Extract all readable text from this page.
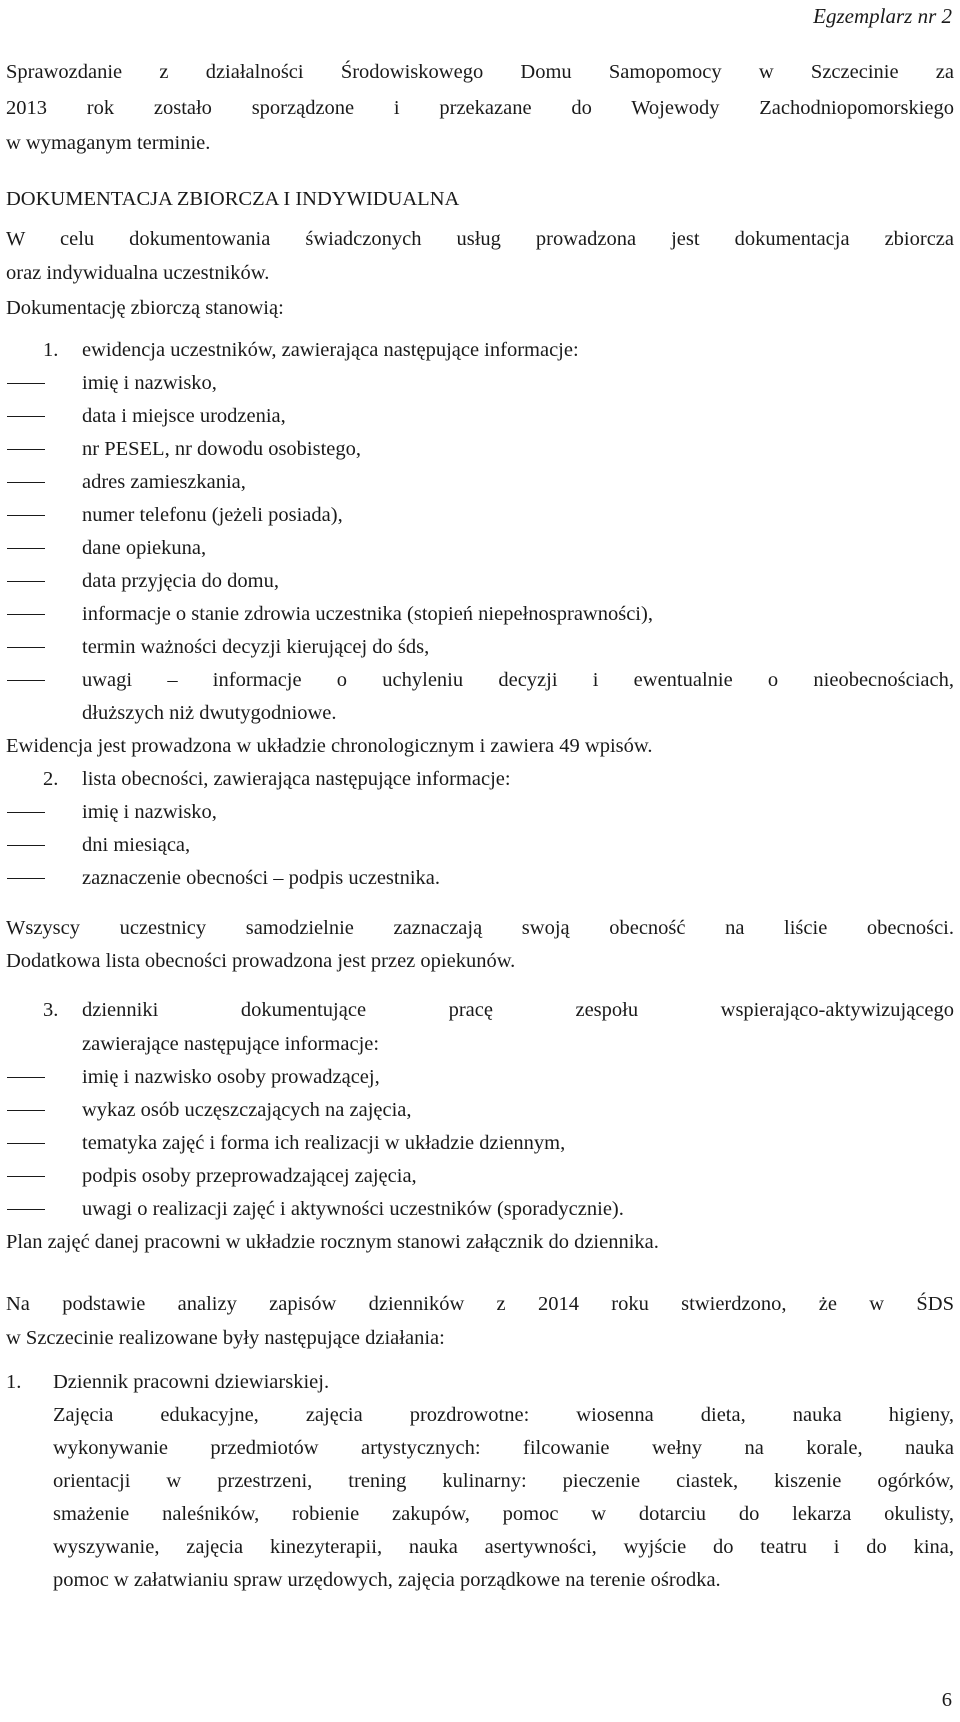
Egzemplarz nr 2
Sprawozdanie z działalności Środowiskowego Domu Samopomocy w Szczecinie za
2013 rok zostało sporządzone i przekazane do Wojewody Zachodniopomorskiego
w wymaganym terminie.
DOKUMENTACJA ZBIORCZA I INDYWIDUALNA
W celu dokumentowania świadczonych usług prowadzona jest dokumentacja zbiorcza
oraz indywidualna uczestników.
Dokumentację zbiorczą stanowią:
1. ewidencja uczestników, zawierająca następujące informacje:
imię i nazwisko,
data i miejsce urodzenia,
nr PESEL, nr dowodu osobistego,
adres zamieszkania,
numer telefonu (jeżeli posiada),
dane opiekuna,
data przyjęcia do domu,
informacje o stanie zdrowia uczestnika (stopień niepełnosprawności),
termin ważności decyzji kierującej do śds,
uwagi – informacje o uchyleniu decyzji i ewentualnie o nieobecnościach,
dłuższych niż dwutygodniowe.
Ewidencja jest prowadzona w układzie chronologicznym i zawiera 49 wpisów.
2. lista obecności, zawierająca następujące informacje:
imię i nazwisko,
dni miesiąca,
zaznaczenie obecności – podpis uczestnika.
Wszyscy uczestnicy samodzielnie zaznaczają swoją obecność na liście obecności.
Dodatkowa lista obecności prowadzona jest przez opiekunów.
3. dzienniki dokumentujące pracę zespołu wspierająco-aktywizującego
zawierające następujące informacje:
imię i nazwisko osoby prowadzącej,
wykaz osób uczęszczających na zajęcia,
tematyka zajęć i forma ich realizacji w układzie dziennym,
podpis osoby przeprowadzającej zajęcia,
uwagi o realizacji zajęć i aktywności uczestników (sporadycznie).
Plan zajęć danej pracowni w układzie rocznym stanowi załącznik do dziennika.
Na podstawie analizy zapisów dzienników z 2014 roku stwierdzono, że w ŚDS
w Szczecinie realizowane były następujące działania:
1. Dziennik pracowni dziewiarskiej.
Zajęcia edukacyjne, zajęcia prozdrowotne: wiosenna dieta, nauka higieny,
wykonywanie przedmiotów artystycznych: filcowanie wełny na korale, nauka
orientacji w przestrzeni, trening kulinarny: pieczenie ciastek, kiszenie ogórków,
smażenie naleśników, robienie zakupów, pomoc w dotarciu do lekarza okulisty,
wyszywanie, zajęcia kinezyterapii, nauka asertywności, wyjście do teatru i do kina,
pomoc w załatwianiu spraw urzędowych, zajęcia porządkowe na terenie ośrodka.
6
